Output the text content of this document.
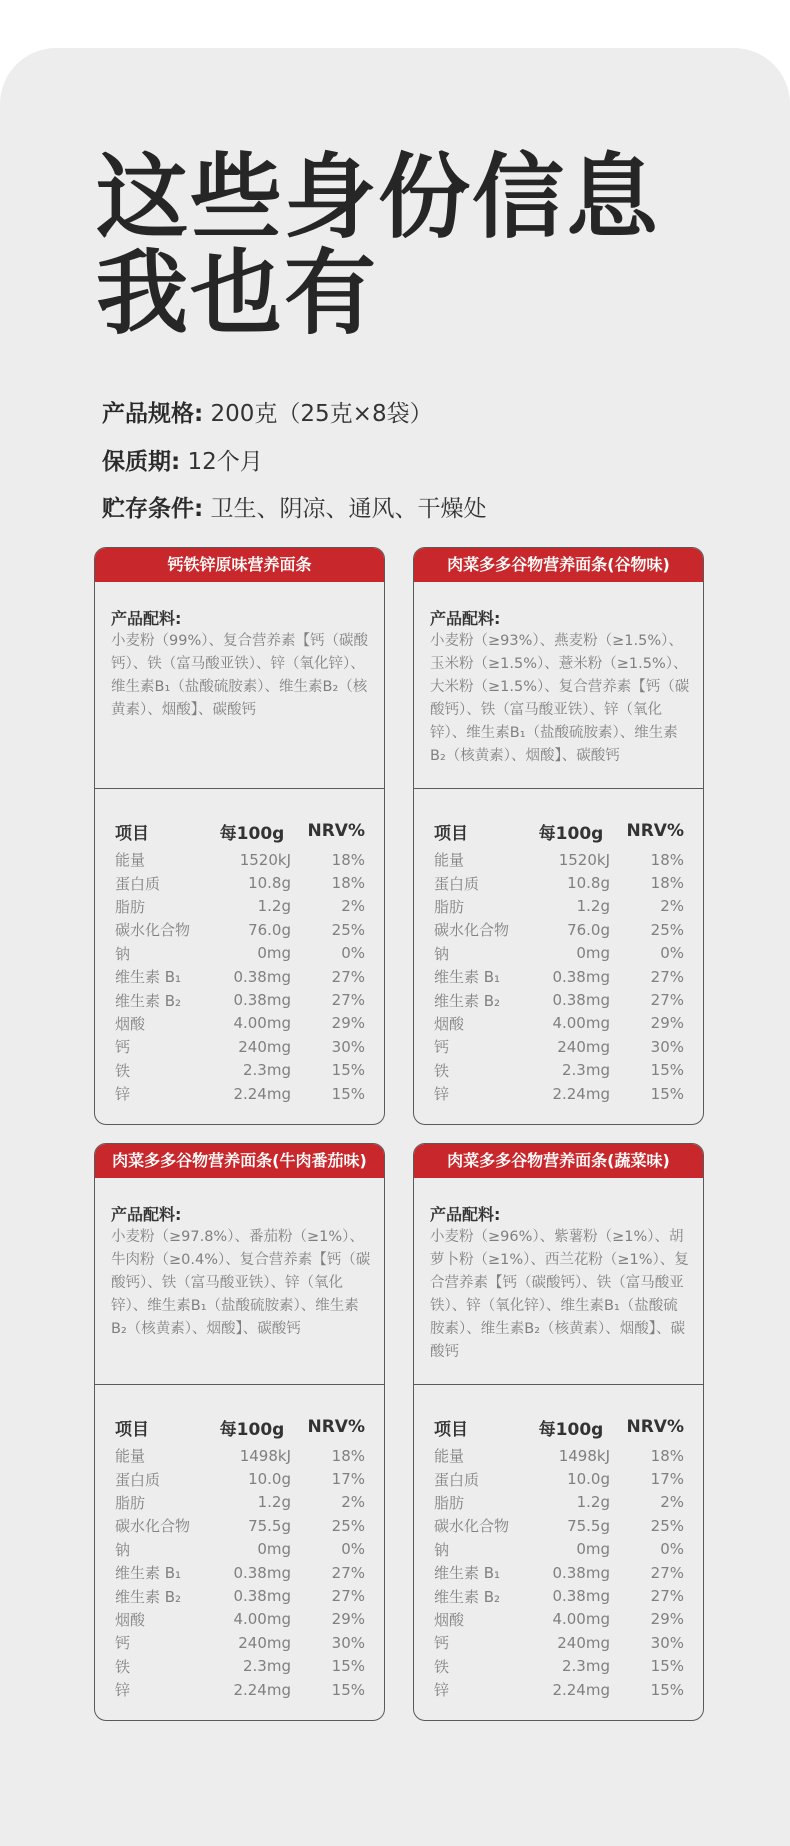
这些身份信息
我也有
产品规格: 200克（25克×8袋）
保质期: 12个月
贮存条件: 卫生、阴凉、通风、干燥处
钙铁锌原味营养面条
产品配料:
小麦粉（99%）、复合营养素【钙（碳酸钙）、铁（富马酸亚铁）、锌（氧化锌）、维生素B₁（盐酸硫胺素）、维生素B₂（核黄素）、烟酸】、碳酸钙
项目	每100g	NRV%
能量	1520kJ	18%
蛋白质	10.8g	18%
脂肪	1.2g	2%
碳水化合物	76.0g	25%
钠	0mg	0%
维生素 B₁	0.38mg	27%
维生素 B₂	0.38mg	27%
烟酸	4.00mg	29%
钙	240mg	30%
铁	2.3mg	15%
锌	2.24mg	15%
肉菜多多谷物营养面条(谷物味)
产品配料:
小麦粉（≥93%）、燕麦粉（≥1.5%）、玉米粉（≥1.5%）、薏米粉（≥1.5%）、大米粉（≥1.5%）、复合营养素【钙（碳酸钙）、铁（富马酸亚铁）、锌（氧化锌）、维生素B₁（盐酸硫胺素）、维生素B₂（核黄素）、烟酸】、碳酸钙
项目	每100g	NRV%
能量	1520kJ	18%
蛋白质	10.8g	18%
脂肪	1.2g	2%
碳水化合物	76.0g	25%
钠	0mg	0%
维生素 B₁	0.38mg	27%
维生素 B₂	0.38mg	27%
烟酸	4.00mg	29%
钙	240mg	30%
铁	2.3mg	15%
锌	2.24mg	15%
肉菜多多谷物营养面条(牛肉番茄味)
产品配料:
小麦粉（≥97.8%）、番茄粉（≥1%）、牛肉粉（≥0.4%）、复合营养素【钙（碳酸钙）、铁（富马酸亚铁）、锌（氧化锌）、维生素B₁（盐酸硫胺素）、维生素B₂（核黄素）、烟酸】、碳酸钙
项目	每100g	NRV%
能量	1498kJ	18%
蛋白质	10.0g	17%
脂肪	1.2g	2%
碳水化合物	75.5g	25%
钠	0mg	0%
维生素 B₁	0.38mg	27%
维生素 B₂	0.38mg	27%
烟酸	4.00mg	29%
钙	240mg	30%
铁	2.3mg	15%
锌	2.24mg	15%
肉菜多多谷物营养面条(蔬菜味)
产品配料:
小麦粉（≥96%）、紫薯粉（≥1%）、胡萝卜粉（≥1%）、西兰花粉（≥1%）、复合营养素【钙（碳酸钙）、铁（富马酸亚铁）、锌（氧化锌）、维生素B₁（盐酸硫胺素）、维生素B₂（核黄素）、烟酸】、碳酸钙
项目	每100g	NRV%
能量	1498kJ	18%
蛋白质	10.0g	17%
脂肪	1.2g	2%
碳水化合物	75.5g	25%
钠	0mg	0%
维生素 B₁	0.38mg	27%
维生素 B₂	0.38mg	27%
烟酸	4.00mg	29%
钙	240mg	30%
铁	2.3mg	15%
锌	2.24mg	15%
